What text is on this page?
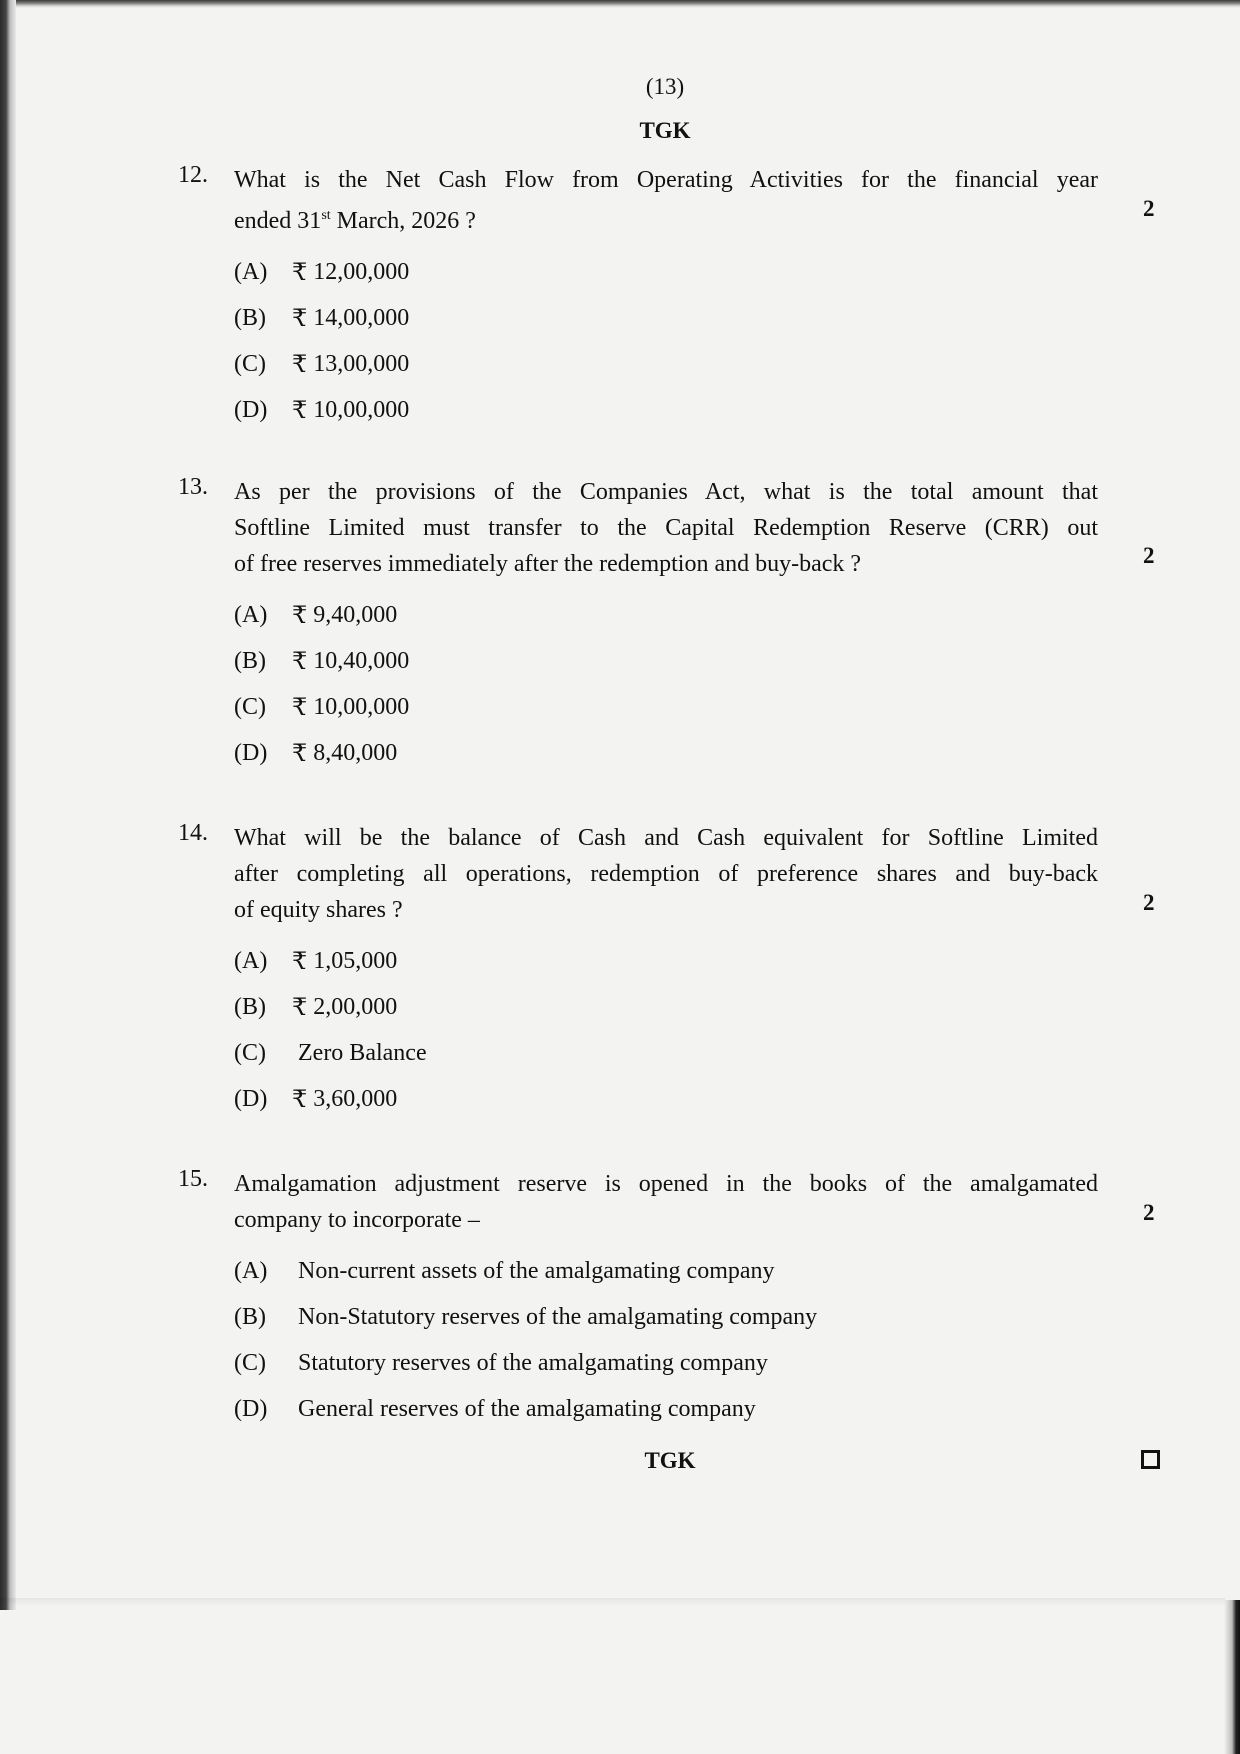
(13)
TGK
12.	What is the Net Cash Flow from Operating Activities for the financial year
ended 31st March, 2026 ?
(A)	₹ 12,00,000
(B)	₹ 14,00,000
(C)	₹ 13,00,000
(D)	₹ 10,00,000
2
13.	As per the provisions of the Companies Act, what is the total amount that
Softline Limited must transfer to the Capital Redemption Reserve (CRR) out
of free reserves immediately after the redemption and buy-back ?
(A)	₹ 9,40,000
(B)	₹ 10,40,000
(C)	₹ 10,00,000
(D)	₹ 8,40,000
2
14.	What will be the balance of Cash and Cash equivalent for Softline Limited
after completing all operations, redemption of preference shares and buy-back
of equity shares ?
(A)	₹ 1,05,000
(B)	₹ 2,00,000
(C)	Zero Balance
(D)	₹ 3,60,000
2
15.	Amalgamation adjustment reserve is opened in the books of the amalgamated
company to incorporate –
(A)	Non-current assets of the amalgamating company
(B)	Non-Statutory reserves of the amalgamating company
(C)	Statutory reserves of the amalgamating company
(D)	General reserves of the amalgamating company
2
TGK
